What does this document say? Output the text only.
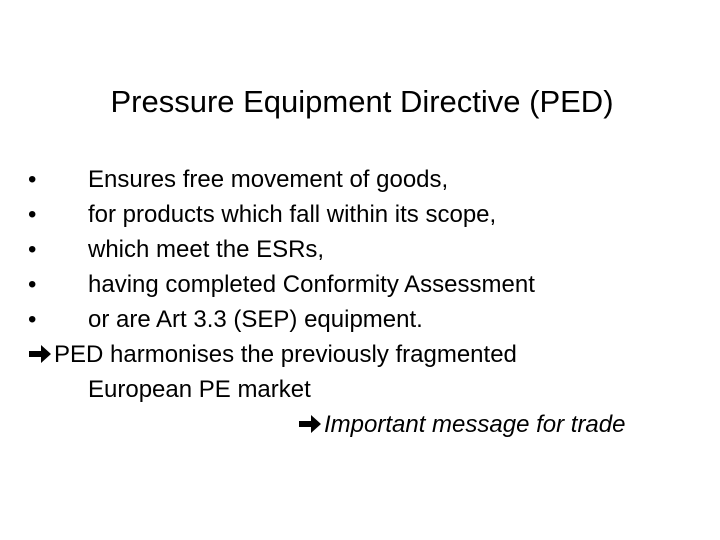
Pressure Equipment Directive (PED)
•	Ensures free movement of goods,
•	for products which fall within its scope,
•	which meet the ESRs,
•	having completed Conformity Assessment
•	or are Art 3.3 (SEP) equipment.
PED harmonises the previously fragmented
European PE market
Important message for trade
